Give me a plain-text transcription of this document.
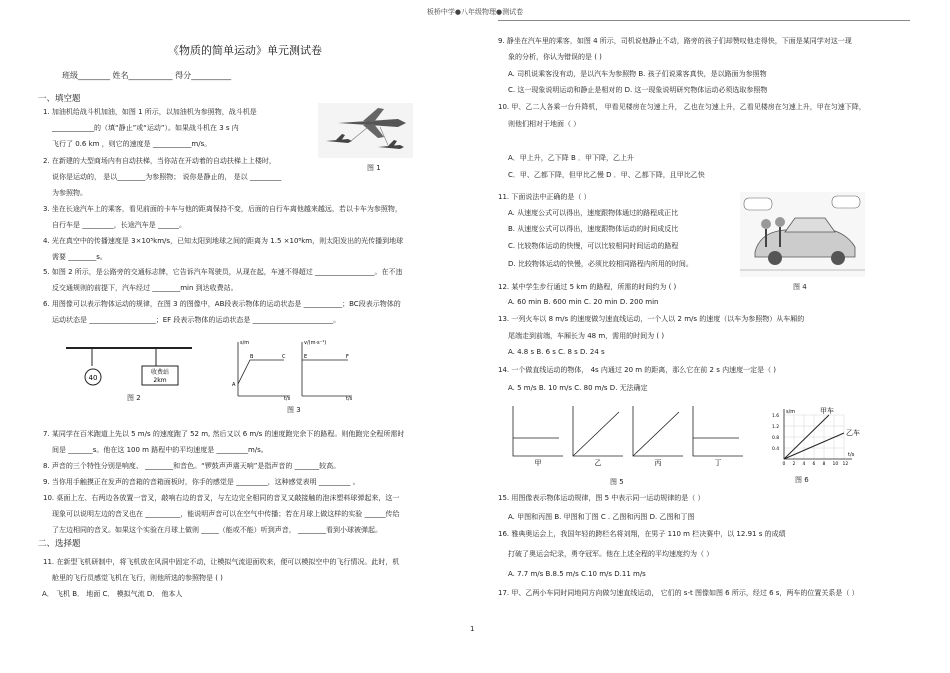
板桥中学●八年级物理●测试卷
《物质的简单运动》单元测试卷
班级________ 姓名___________ 得分__________
一、填空题
二、选择题
1. 加油机给战斗机加油，如图 1 所示，以加油机为参照物，战斗机是
____________的（填“静止”或“运动”）。如果战斗机在 3 s 内
飞行了 0.6 km ，则它的速度是 ___________m/s。
2. 在新建的大型商场内有自动扶梯，当你站在开动着的自动扶梯上上楼时，
说你是运动的， 是以________为参照物； 说你是静止的， 是以 _________
为参照物。
3. 坐在长途汽车上的乘客，看见前面的卡车与他的距离保持不变，后面的自行车离他越来越远，若以卡车为参照物，
自行车是 _________，长途汽车是 ______。
4. 光在真空中的传播速度是 3×10⁵km/s，已知太阳到地球之间的距离为 1.5 ×10⁸km，则太阳发出的光传播到地球
需要 ________s。
5. 如图 2 所示，是公路旁的交通标志牌，它告诉汽车驾驶员，从现在起，车速不得超过 _________________。在不违
反交通规则的前提下，汽车经过 ________min 到达收费站。
6. 用图像可以表示物体运动的规律，在图 3 的图像中，AB段表示物体的运动状态是 ___________；BC段表示物体的
运动状态是 ___________________；EF 段表示物体的运动状态是 _______________________。
7. 某同学在百米跑道上先以 5 m/s 的速度跑了 52 m, 然后又以 6 m/s 的速度跑完余下的路程。则他跑完全程所需时
间是 _______s。他在这 100 m 路程中的平均速度是 _________m/s。
8. 声音的三个特性分别是响度、 ________和音色。“锣鼓声声震天响”是指声音的 _______较高。
9. 当你用手触摸正在发声的音箱的音箱面板时，你手的感觉是 _________，这种感觉表明 _________ 。
10. 桌面上左、右两边各放置一音叉，敲响右边的音叉，与左边完全相同的音叉又敲接触的泡沫塑料球弹起来，这一
现象可以说明左边的音叉也在 __________，能说明声音可以在空气中传播；若在月球上做这样的实验 ______传给
了左边相同的音叉。如果这个实验在月球上做则 _____（能或不能）听到声音， ________看到小球被弹起。
11. 在新型飞机研制中，将飞机放在风洞中固定不动，让模拟气流迎面吹来，便可以模拟空中的飞行情况。此时，机
舱里的飞行员感觉飞机在飞行，则他所选的参照物是 ( )
A． 飞机 B． 地面 C． 模拟气流 D． 他本人
9. 静坐在汽车里的乘客，如图 4 所示，司机说他静止不动，路旁的孩子们却赞叹他走得快，下面是某同学对这一现
象的分析，你认为错误的是 ( )
A. 司机说乘客没有动，是以汽车为参照物 B. 孩子们说乘客真快，是以路面为参照物
C. 这一现象说明运动和静止是相对的 D. 这一现象说明研究物体运动必须选取参照物
10. 甲、乙二人各乘一台升降机， 甲看见楼房在匀速上升， 乙也在匀速上升，乙看见楼房在匀速上升，甲在匀速下降，
则他们相对于地面（ ）
A．甲上升，乙下降 B ．甲下降，乙上升
C．甲、乙都下降，但甲比乙慢 D ．甲、乙都下降，且甲比乙快
11. 下面说法中正确的是（ ）
A. 从速度公式可以得出，速度跟物体通过的路程成正比
B. 从速度公式可以得出，速度跟物体运动的时间成反比
C. 比较物体运动的快慢，可以比较相同时间运动的路程
D. 比较物体运动的快慢，必须比较相同路程内所用的时间。
12. 某中学生步行通过 5 km 的路程，所需的时间约为 ( )
A. 60 min B. 600 min C. 20 min D. 200 min
13. 一列火车以 8 m/s 的速度做匀速直线运动，一个人以 2 m/s 的速度（以车为参照物）从车厢的
尾端走到前端，车厢长为 48 m，需用的时间为 ( )
A. 4.8 s B. 6 s C. 8 s D. 24 s
14. 一个做直线运动的物体， 4s 内通过 20 m 的距离，那么它在前 2 s 内速度一定是（ )
A. 5 m/s B. 10 m/s C. 80 m/s D. 无法确定
15. 用图像表示物体运动规律，图 5 中表示同一运动规律的是（ ）
A. 甲图和丙图 B. 甲图和丁图 C . 乙图和丙图 D. 乙图和丁图
16. 雅典奥运会上，我国年轻的跨栏名将刘翔，在男子 110 m 栏决赛中，以 12.91 s 的成绩
打破了奥运会纪录，勇夺冠军。他在上述全程的平均速度约为（ ）
A. 7.7 m/s B.8.5 m/s C.10 m/s D.11 m/s
17. 甲、乙两小车同时同地同方向做匀速直线运动， 它们的 s-t 图像如图 6 所示，经过 6 s，两车的位置关系是（ ）
图 1
40
收费站
2km
图 2
s/m
A
B	C
t/s
v/(m·s⁻¹)
E	F
t/s
图 3
图 4
甲	乙	丙	丁
图 5
甲车
乙车
s/m
t/s
1.6
1.2
0.8
0.4
0 2 4 6 8 10 12
图 6
1
